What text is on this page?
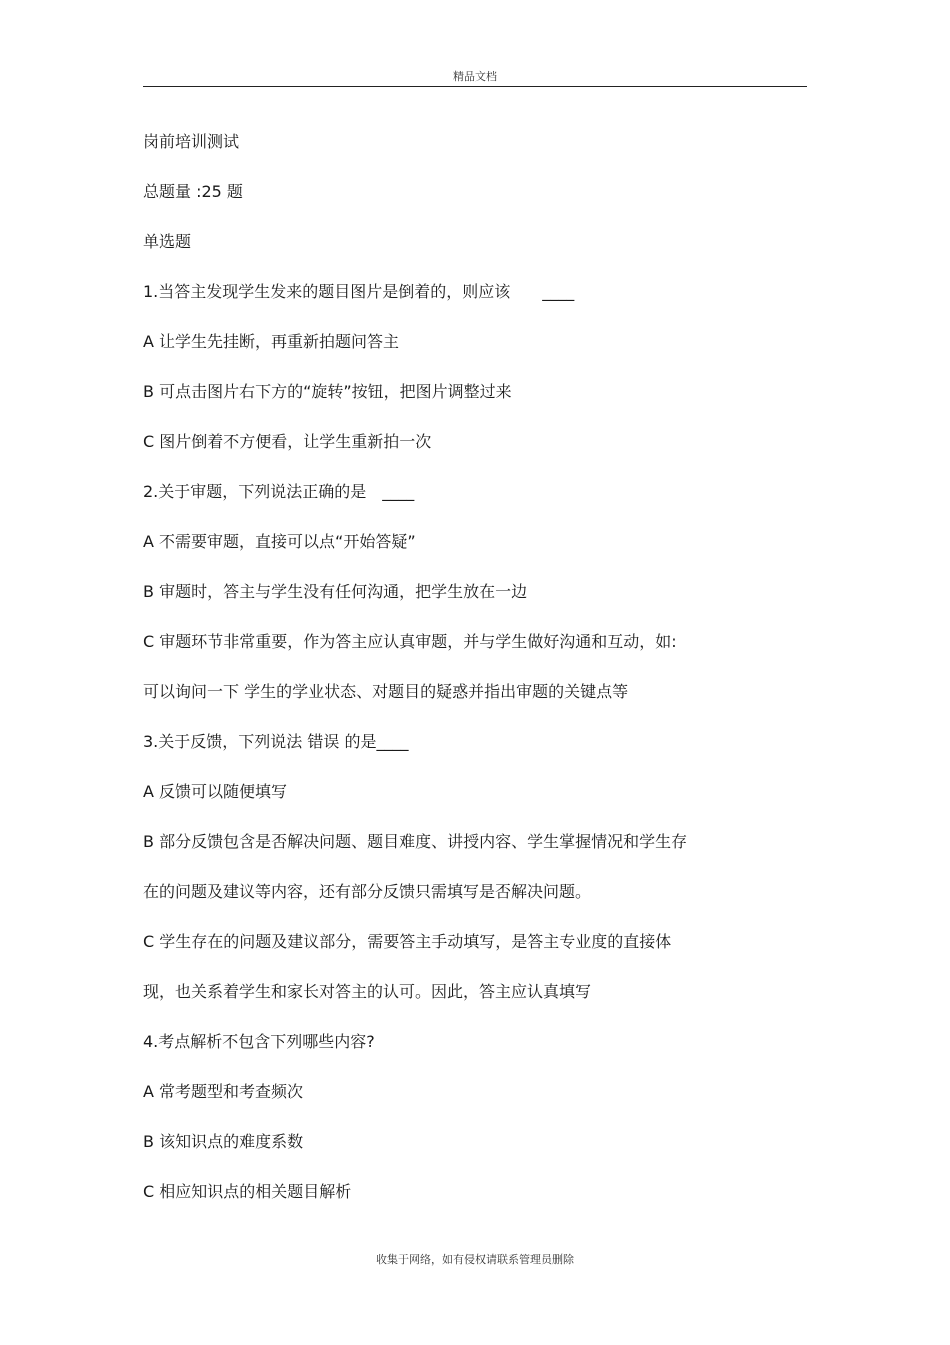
精品文档
岗前培训测试
总题量 :25 题
单选题
1.当答主发现学生发来的题目图片是倒着的，则应该　　____
A 让学生先挂断，再重新拍题问答主
B 可点击图片右下方的“旋转”按钮，把图片调整过来
C 图片倒着不方便看，让学生重新拍一次
2.关于审题，下列说法正确的是　____
A 不需要审题，直接可以点“开始答疑”
B 审题时，答主与学生没有任何沟通，把学生放在一边
C 审题环节非常重要，作为答主应认真审题，并与学生做好沟通和互动，如:
可以询问一下 学生的学业状态、对题目的疑惑并指出审题的关键点等
3.关于反馈，下列说法 错误 的是____
A 反馈可以随便填写
B 部分反馈包含是否解决问题、题目难度、讲授内容、学生掌握情况和学生存
在的问题及建议等内容，还有部分反馈只需填写是否解决问题。
C 学生存在的问题及建议部分，需要答主手动填写，是答主专业度的直接体
现，也关系着学生和家长对答主的认可。因此，答主应认真填写
4.考点解析不包含下列哪些内容?
A 常考题型和考查频次
B 该知识点的难度系数
C 相应知识点的相关题目解析
收集于网络，如有侵权请联系管理员删除
